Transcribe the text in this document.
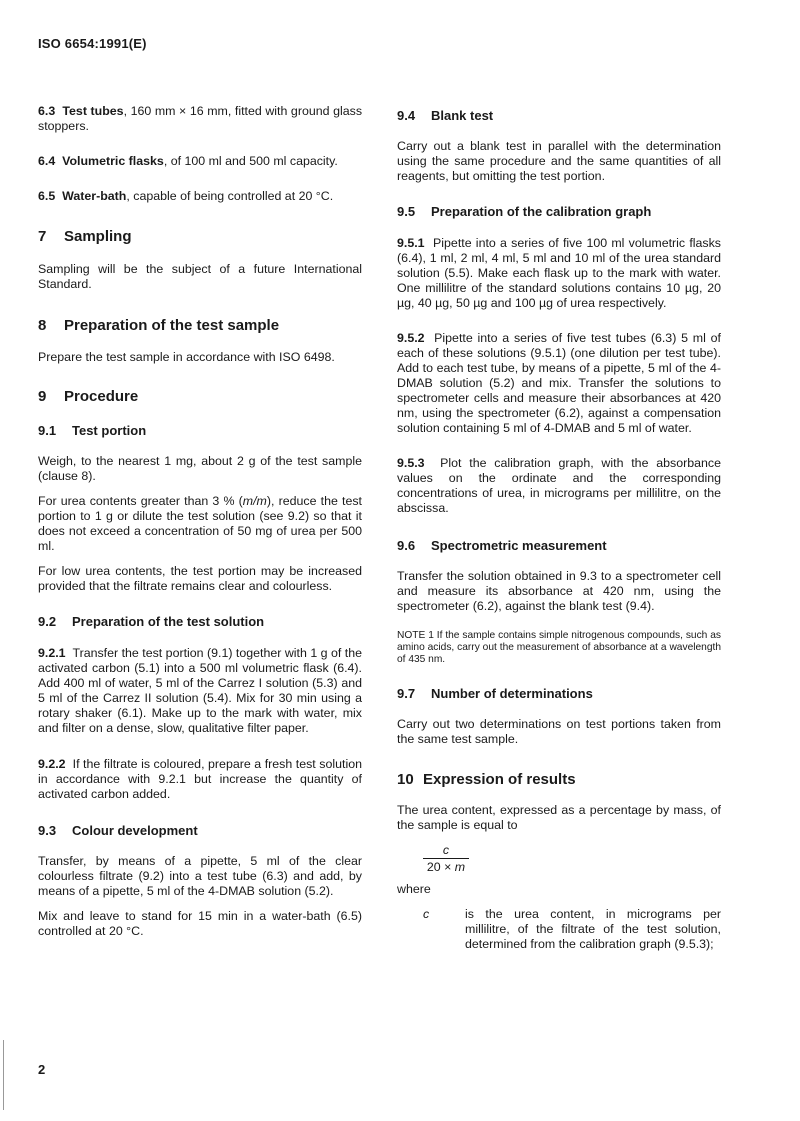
ISO 6654:1991(E)

6.3 Test tubes, 160 mm × 16 mm, fitted with ground glass stoppers.

6.4 Volumetric flasks, of 100 ml and 500 ml capacity.

6.5 Water-bath, capable of being controlled at 20 °C.

7 Sampling

Sampling will be the subject of a future International Standard.

8 Preparation of the test sample

Prepare the test sample in accordance with ISO 6498.

9 Procedure
9.1 Test portion

Weigh, to the nearest 1 mg, about 2 g of the test sample (clause 8).

For urea contents greater than 3 % (m/m), reduce the test portion to 1 g or dilute the test solution (see 9.2) so that it does not exceed a concentration of 50 mg of urea per 500 ml.

For low urea contents, the test portion may be increased provided that the filtrate remains clear and colourless.

9.2 Preparation of the test solution

9.2.1 Transfer the test portion (9.1) together with 1 g of the activated carbon (5.1) into a 500 ml volumetric flask (6.4). Add 400 ml of water, 5 ml of the Carrez I solution (5.3) and 5 ml of the Carrez II solution (5.4). Mix for 30 min using a rotary shaker (6.1). Make up to the mark with water, mix and filter on a dense, slow, qualitative filter paper.

9.2.2 If the filtrate is coloured, prepare a fresh test solution in accordance with 9.2.1 but increase the quantity of activated carbon added.

9.3 Colour development

Transfer, by means of a pipette, 5 ml of the clear colourless filtrate (9.2) into a test tube (6.3) and add, by means of a pipette, 5 ml of the 4-DMAB solution (5.2).

Mix and leave to stand for 15 min in a water-bath (6.5) controlled at 20 °C.

9.4 Blank test

Carry out a blank test in parallel with the determination using the same procedure and the same quantities of all reagents, but omitting the test portion.

9.5 Preparation of the calibration graph

9.5.1 Pipette into a series of five 100 ml volumetric flasks (6.4), 1 ml, 2 ml, 4 ml, 5 ml and 10 ml of the urea standard solution (5.5). Make each flask up to the mark with water. One millilitre of the standard solutions contains 10 µg, 20 µg, 40 µg, 50 µg and 100 µg of urea respectively.

9.5.2 Pipette into a series of five test tubes (6.3) 5 ml of each of these solutions (9.5.1) (one dilution per test tube). Add to each test tube, by means of a pipette, 5 ml of the 4-DMAB solution (5.2) and mix. Transfer the solutions to spectrometer cells and measure their absorbances at 420 nm, using the spectrometer (6.2), against a compensation solution containing 5 ml of 4-DMAB and 5 ml of water.

9.5.3 Plot the calibration graph, with the absorbance values on the ordinate and the corresponding concentrations of urea, in micrograms per millilitre, on the abscissa.

9.6 Spectrometric measurement

Transfer the solution obtained in 9.3 to a spectrometer cell and measure its absorbance at 420 nm, using the spectrometer (6.2), against the blank test (9.4).

NOTE 1 If the sample contains simple nitrogenous compounds, such as amino acids, carry out the measurement of absorbance at a wavelength of 435 nm.

9.7 Number of determinations

Carry out two determinations on test portions taken from the same test sample.

10 Expression of results

The urea content, expressed as a percentage by mass, of the sample is equal to

c
20 × m

where

c	is the urea content, in micrograms per millilitre, of the filtrate of the test solution, determined from the calibration graph (9.5.3);

2
